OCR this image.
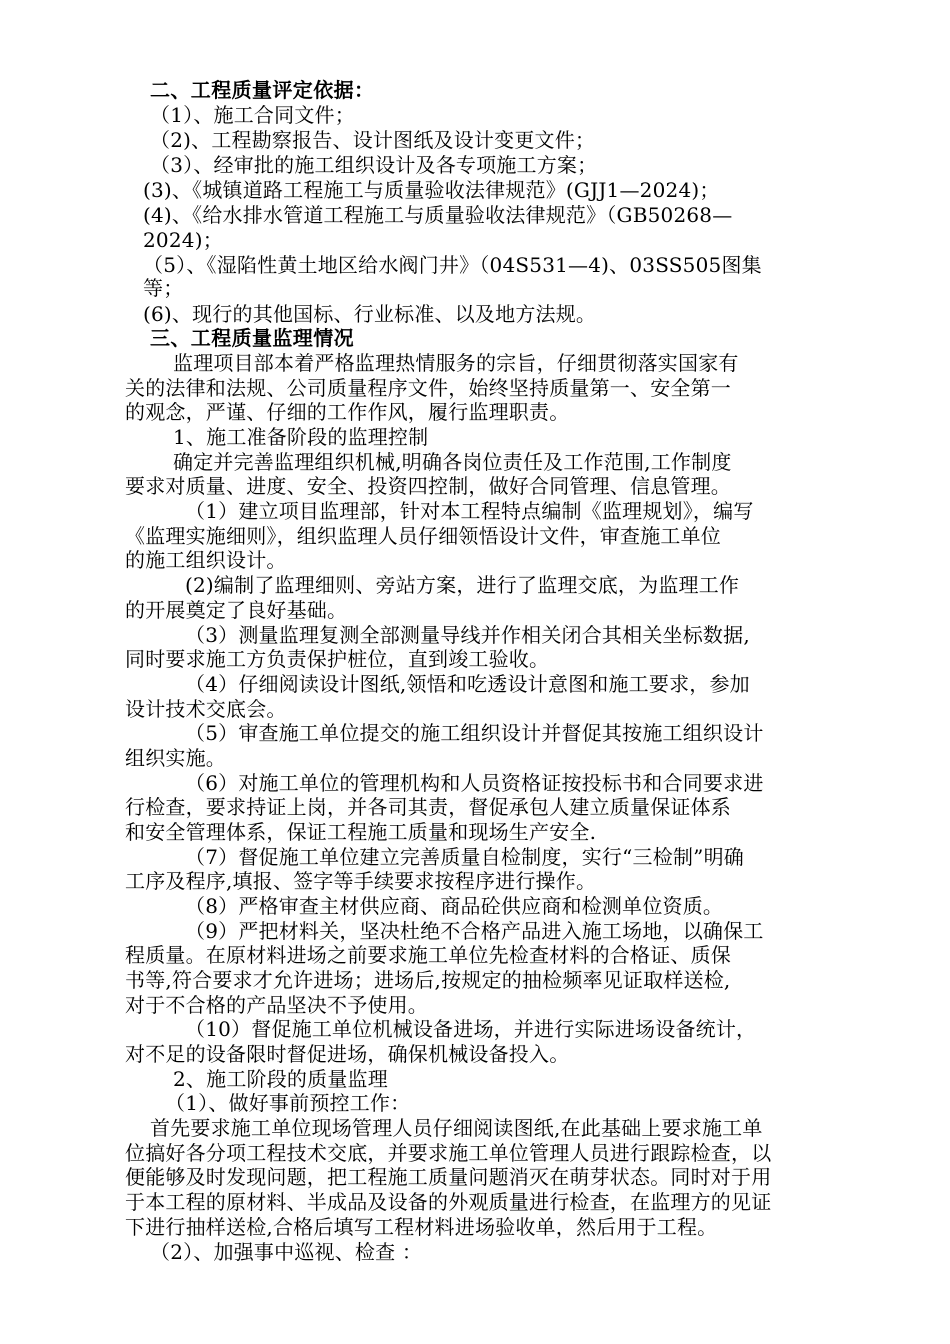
二、工程质量评定依据：
（1）、施工合同文件；
（2)、工程勘察报告、设计图纸及设计变更文件；
（3）、经审批的施工组织设计及各专项施工方案；
(3)、《城镇道路工程施工与质量验收法律规范》(GJJ1—2024)；
(4)、《给水排水管道工程施工与质量验收法律规范》（GB50268—
2024)；
（5）、《湿陷性黄土地区给水阀门井》（04S531—4)、03SS505图集
等；
(6)、现行的其他国标、行业标准、以及地方法规。
三、工程质量监理情况
监理项目部本着严格监理热情服务的宗旨，仔细贯彻落实国家有
关的法律和法规、公司质量程序文件，始终坚持质量第一、安全第一
的观念，严谨、仔细的工作作风，履行监理职责。
1、施工准备阶段的监理控制
确定并完善监理组织机械,明确各岗位责任及工作范围,工作制度
要求对质量、进度、安全、投资四控制，做好合同管理、信息管理。
（1）建立项目监理部，针对本工程特点编制《监理规划》，编写
《监理实施细则》，组织监理人员仔细领悟设计文件，审查施工单位
的施工组织设计。
(2)编制了监理细则、旁站方案，进行了监理交底，为监理工作
的开展奠定了良好基础。
（3）测量监理复测全部测量导线并作相关闭合其相关坐标数据,
同时要求施工方负责保护桩位，直到竣工验收。
（4）仔细阅读设计图纸,领悟和吃透设计意图和施工要求，参加
设计技术交底会。
（5）审查施工单位提交的施工组织设计并督促其按施工组织设计
组织实施。
（6）对施工单位的管理机构和人员资格证按投标书和合同要求进
行检查，要求持证上岗，并各司其责，督促承包人建立质量保证体系
和安全管理体系，保证工程施工质量和现场生产安全.
（7）督促施工单位建立完善质量自检制度，实行“三检制”明确
工序及程序,填报、签字等手续要求按程序进行操作。
（8）严格审查主材供应商、商品砼供应商和检测单位资质。
（9）严把材料关，坚决杜绝不合格产品进入施工场地，以确保工
程质量。在原材料进场之前要求施工单位先检查材料的合格证、质保
书等,符合要求才允许进场；进场后,按规定的抽检频率见证取样送检,
对于不合格的产品坚决不予使用。
（10）督促施工单位机械设备进场，并进行实际进场设备统计，
对不足的设备限时督促进场，确保机械设备投入。
2、施工阶段的质量监理
（1）、做好事前预控工作：
首先要求施工单位现场管理人员仔细阅读图纸,在此基础上要求施工单
位搞好各分项工程技术交底，并要求施工单位管理人员进行跟踪检查，以
便能够及时发现问题，把工程施工质量问题消灭在萌芽状态。同时对于用
于本工程的原材料、半成品及设备的外观质量进行检查，在监理方的见证
下进行抽样送检,合格后填写工程材料进场验收单，然后用于工程。
（2）、加强事中巡视、检查 ：
